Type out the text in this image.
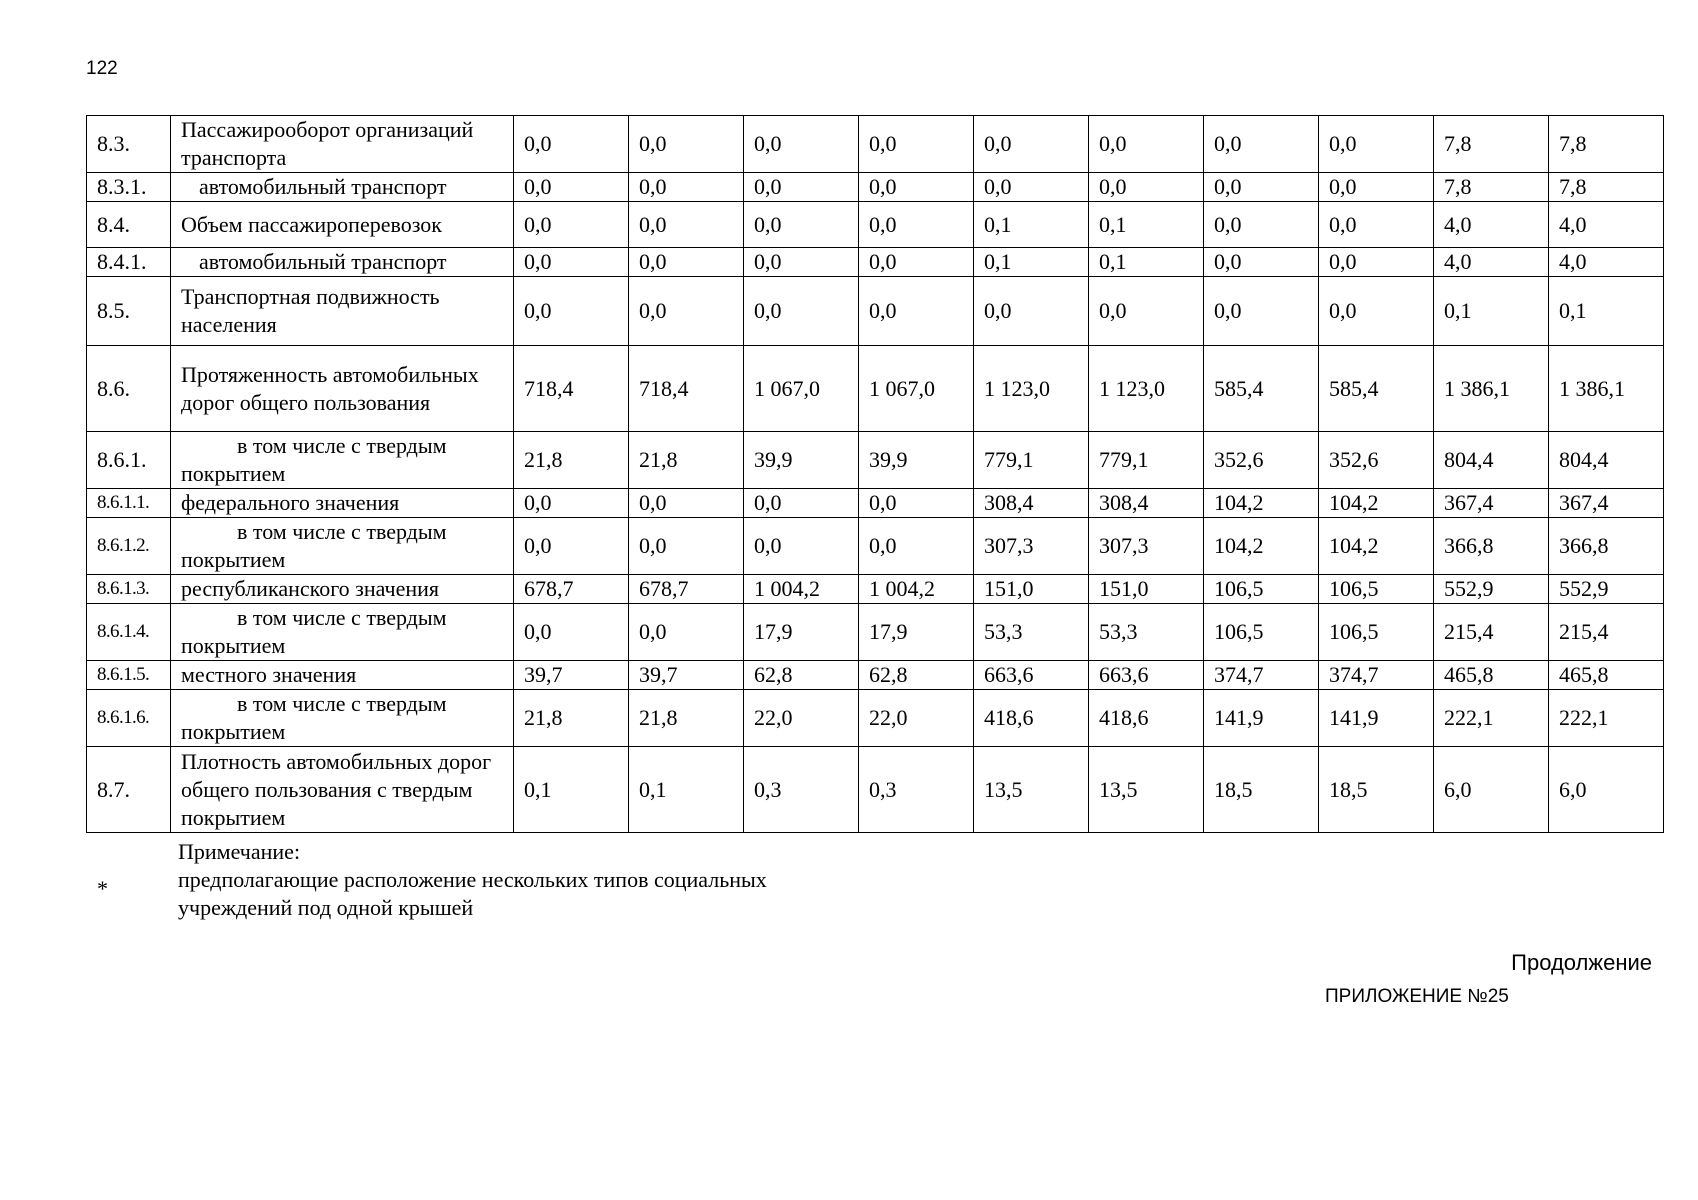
122
8.3.	Пассажирооборот организаций транспорта	0,0	0,0	0,0	0,0	0,0	0,0	0,0	0,0	7,8	7,8
8.3.1.	автомобильный транспорт	0,0	0,0	0,0	0,0	0,0	0,0	0,0	0,0	7,8	7,8
8.4.	Объем пассажироперевозок	0,0	0,0	0,0	0,0	0,1	0,1	0,0	0,0	4,0	4,0
8.4.1.	автомобильный транспорт	0,0	0,0	0,0	0,0	0,1	0,1	0,0	0,0	4,0	4,0
8.5.	Транспортная подвижность населения	0,0	0,0	0,0	0,0	0,0	0,0	0,0	0,0	0,1	0,1
8.6.	Протяженность автомобильных дорог общего пользования	718,4	718,4	1 067,0	1 067,0	1 123,0	1 123,0	585,4	585,4	1 386,1	1 386,1
8.6.1.	в том числе с твердым покрытием	21,8	21,8	39,9	39,9	779,1	779,1	352,6	352,6	804,4	804,4
8.6.1.1.	федерального значения	0,0	0,0	0,0	0,0	308,4	308,4	104,2	104,2	367,4	367,4
8.6.1.2.	в том числе с твердым покрытием	0,0	0,0	0,0	0,0	307,3	307,3	104,2	104,2	366,8	366,8
8.6.1.3.	республиканского значения	678,7	678,7	1 004,2	1 004,2	151,0	151,0	106,5	106,5	552,9	552,9
8.6.1.4.	в том числе с твердым покрытием	0,0	0,0	17,9	17,9	53,3	53,3	106,5	106,5	215,4	215,4
8.6.1.5.	местного значения	39,7	39,7	62,8	62,8	663,6	663,6	374,7	374,7	465,8	465,8
8.6.1.6.	в том числе с твердым покрытием	21,8	21,8	22,0	22,0	418,6	418,6	141,9	141,9	222,1	222,1
8.7.	Плотность автомобильных дорог общего пользования с твердым покрытием	0,1	0,1	0,3	0,3	13,5	13,5	18,5	18,5	6,0	6,0
Примечание:
предполагающие расположение нескольких типов социальных учреждений под одной крышей
*
Продолжение
ПРИЛОЖЕНИЕ №25
